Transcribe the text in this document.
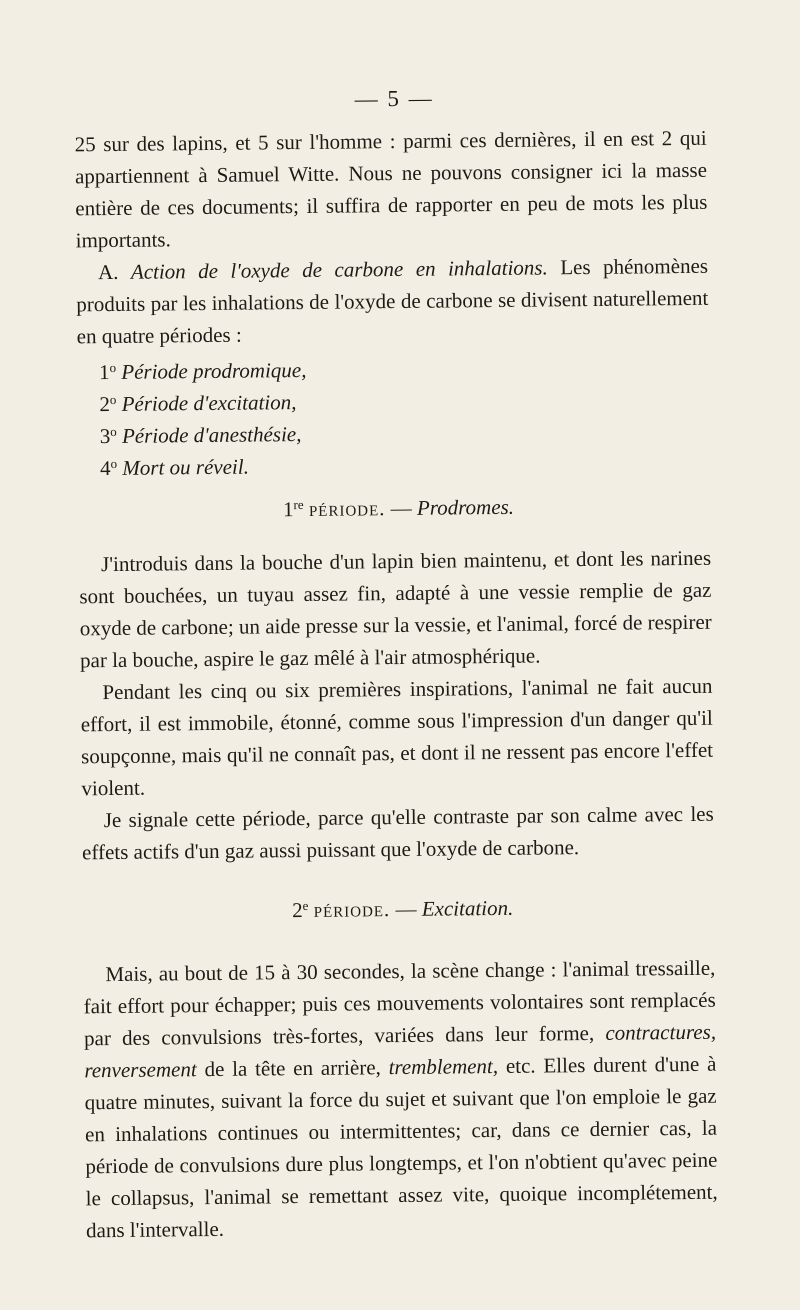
— 5 —

25 sur des lapins, et 5 sur l'homme : parmi ces dernières, il en est 2 qui appartiennent à Samuel Witte. Nous ne pouvons consigner ici la masse entière de ces documents; il suffira de rapporter en peu de mots les plus importants.

A. Action de l'oxyde de carbone en inhalations. Les phénomènes produits par les inhalations de l'oxyde de carbone se divisent naturellement en quatre périodes :

1$^o$ Période prodromique,
2$^o$ Période d'excitation,
3$^o$ Période d'anesthésie,
4$^o$ Mort ou réveil.
1re période. — Prodromes.

J'introduis dans la bouche d'un lapin bien maintenu, et dont les narines sont bouchées, un tuyau assez fin, adapté à une vessie remplie de gaz oxyde de carbone; un aide presse sur la vessie, et l'animal, forcé de respirer par la bouche, aspire le gaz mêlé à l'air atmosphérique.

Pendant les cinq ou six premières inspirations, l'animal ne fait aucun effort, il est immobile, étonné, comme sous l'impression d'un danger qu'il soupçonne, mais qu'il ne connaît pas, et dont il ne ressent pas encore l'effet violent.

Je signale cette période, parce qu'elle contraste par son calme avec les effets actifs d'un gaz aussi puissant que l'oxyde de carbone.

2e période. — Excitation.

Mais, au bout de 15 à 30 secondes, la scène change : l'animal tressaille, fait effort pour échapper; puis ces mouvements volontaires sont remplacés par des convulsions très-fortes, variées dans leur forme, contractures, renversement de la tête en arrière, tremblement, etc. Elles durent d'une à quatre minutes, suivant la force du sujet et suivant que l'on emploie le gaz en inhalations continues ou intermittentes; car, dans ce dernier cas, la période de convulsions dure plus longtemps, et l'on n'obtient qu'avec peine le collapsus, l'animal se remettant assez vite, quoique incomplétement, dans l'intervalle.
